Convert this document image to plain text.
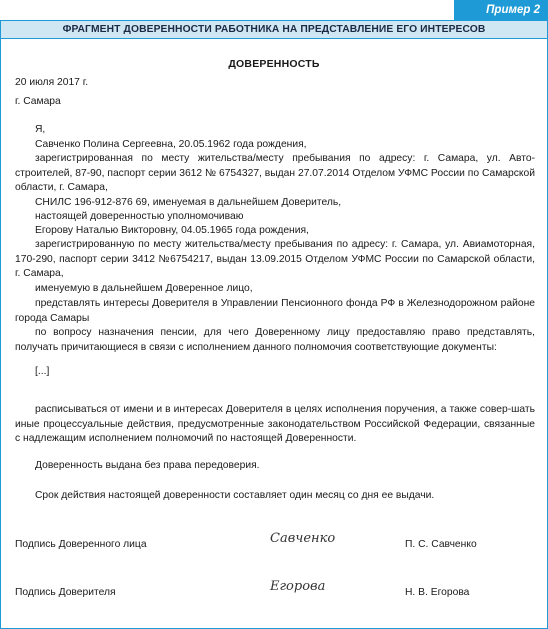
Пример 2
ФРАГМЕНТ ДОВЕРЕННОСТИ РАБОТНИКА НА ПРЕДСТАВЛЕНИЕ ЕГО ИНТЕРЕСОВ
ДОВЕРЕННОСТЬ
20 июля 2017 г.
г. Самара
Я,
Савченко Полина Сергеевна, 20.05.1962 года рождения,
зарегистрированная по месту жительства/месту пребывания по адресу: г. Самара, ул. Авто-строителей, 87-90, паспорт серии 3612 № 6754327, выдан 27.07.2014 Отделом УФМС России по Самарской области, г. Самара,
СНИЛС 196-912-876 69, именуемая в дальнейшем Доверитель,
настоящей доверенностью уполномочиваю
Егорову Наталью Викторовну, 04.05.1965 года рождения,
зарегистрированную по месту жительства/месту пребывания по адресу: г. Самара, ул. Авиамоторная, 170-290, паспорт серии 3412 №6754217, выдан 13.09.2015 Отделом УФМС России по Самарской области, г. Самара,
именуемую в дальнейшем Доверенное лицо,
представлять интересы Доверителя в Управлении Пенсионного фонда РФ в Железнодорожном районе города Самары
по вопросу назначения пенсии, для чего Доверенному лицу предоставляю право представлять, получать причитающиеся в связи с исполнением данного полномочия соответствующие документы:
[...]
расписываться от имени и в интересах Доверителя в целях исполнения поручения, а также совер-шать иные процессуальные действия, предусмотренные законодательством Российской Федерации, связанные с надлежащим исполнением полномочий по настоящей Доверенности.
Доверенность выдана без права передоверия.
Срок действия настоящей доверенности составляет один месяц со дня ее выдачи.
Подпись Доверенного лица	Савченко	П. С. Савченко
Подпись Доверителя	Егорова	Н. В. Егорова
